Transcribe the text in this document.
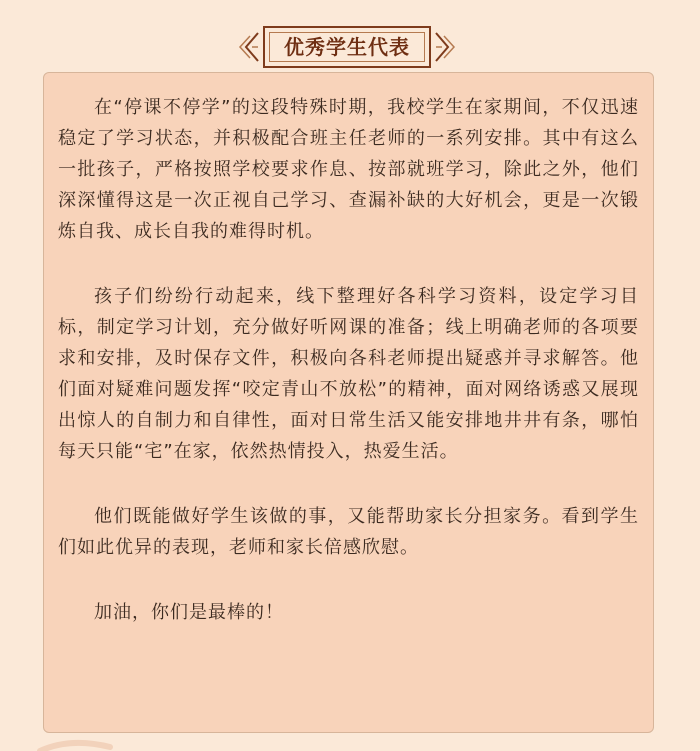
优秀学生代表

在“停课不停学”的这段特殊时期，我校学生在家期间，不仅迅速稳定了学习状态，并积极配合班主任老师的一系列安排。其中有这么一批孩子，严格按照学校要求作息、按部就班学习，除此之外，他们深深懂得这是一次正视自己学习、查漏补缺的大好机会，更是一次锻炼自我、成长自我的难得时机。

孩子们纷纷行动起来，线下整理好各科学习资料，设定学习目标，制定学习计划，充分做好听网课的准备；线上明确老师的各项要求和安排，及时保存文件，积极向各科老师提出疑惑并寻求解答。他们面对疑难问题发挥“咬定青山不放松”的精神，面对网络诱惑又展现出惊人的自制力和自律性，面对日常生活又能安排地井井有条，哪怕每天只能“宅”在家，依然热情投入，热爱生活。

他们既能做好学生该做的事，又能帮助家长分担家务。看到学生们如此优异的表现，老师和家长倍感欣慰。

加油，你们是最棒的！
